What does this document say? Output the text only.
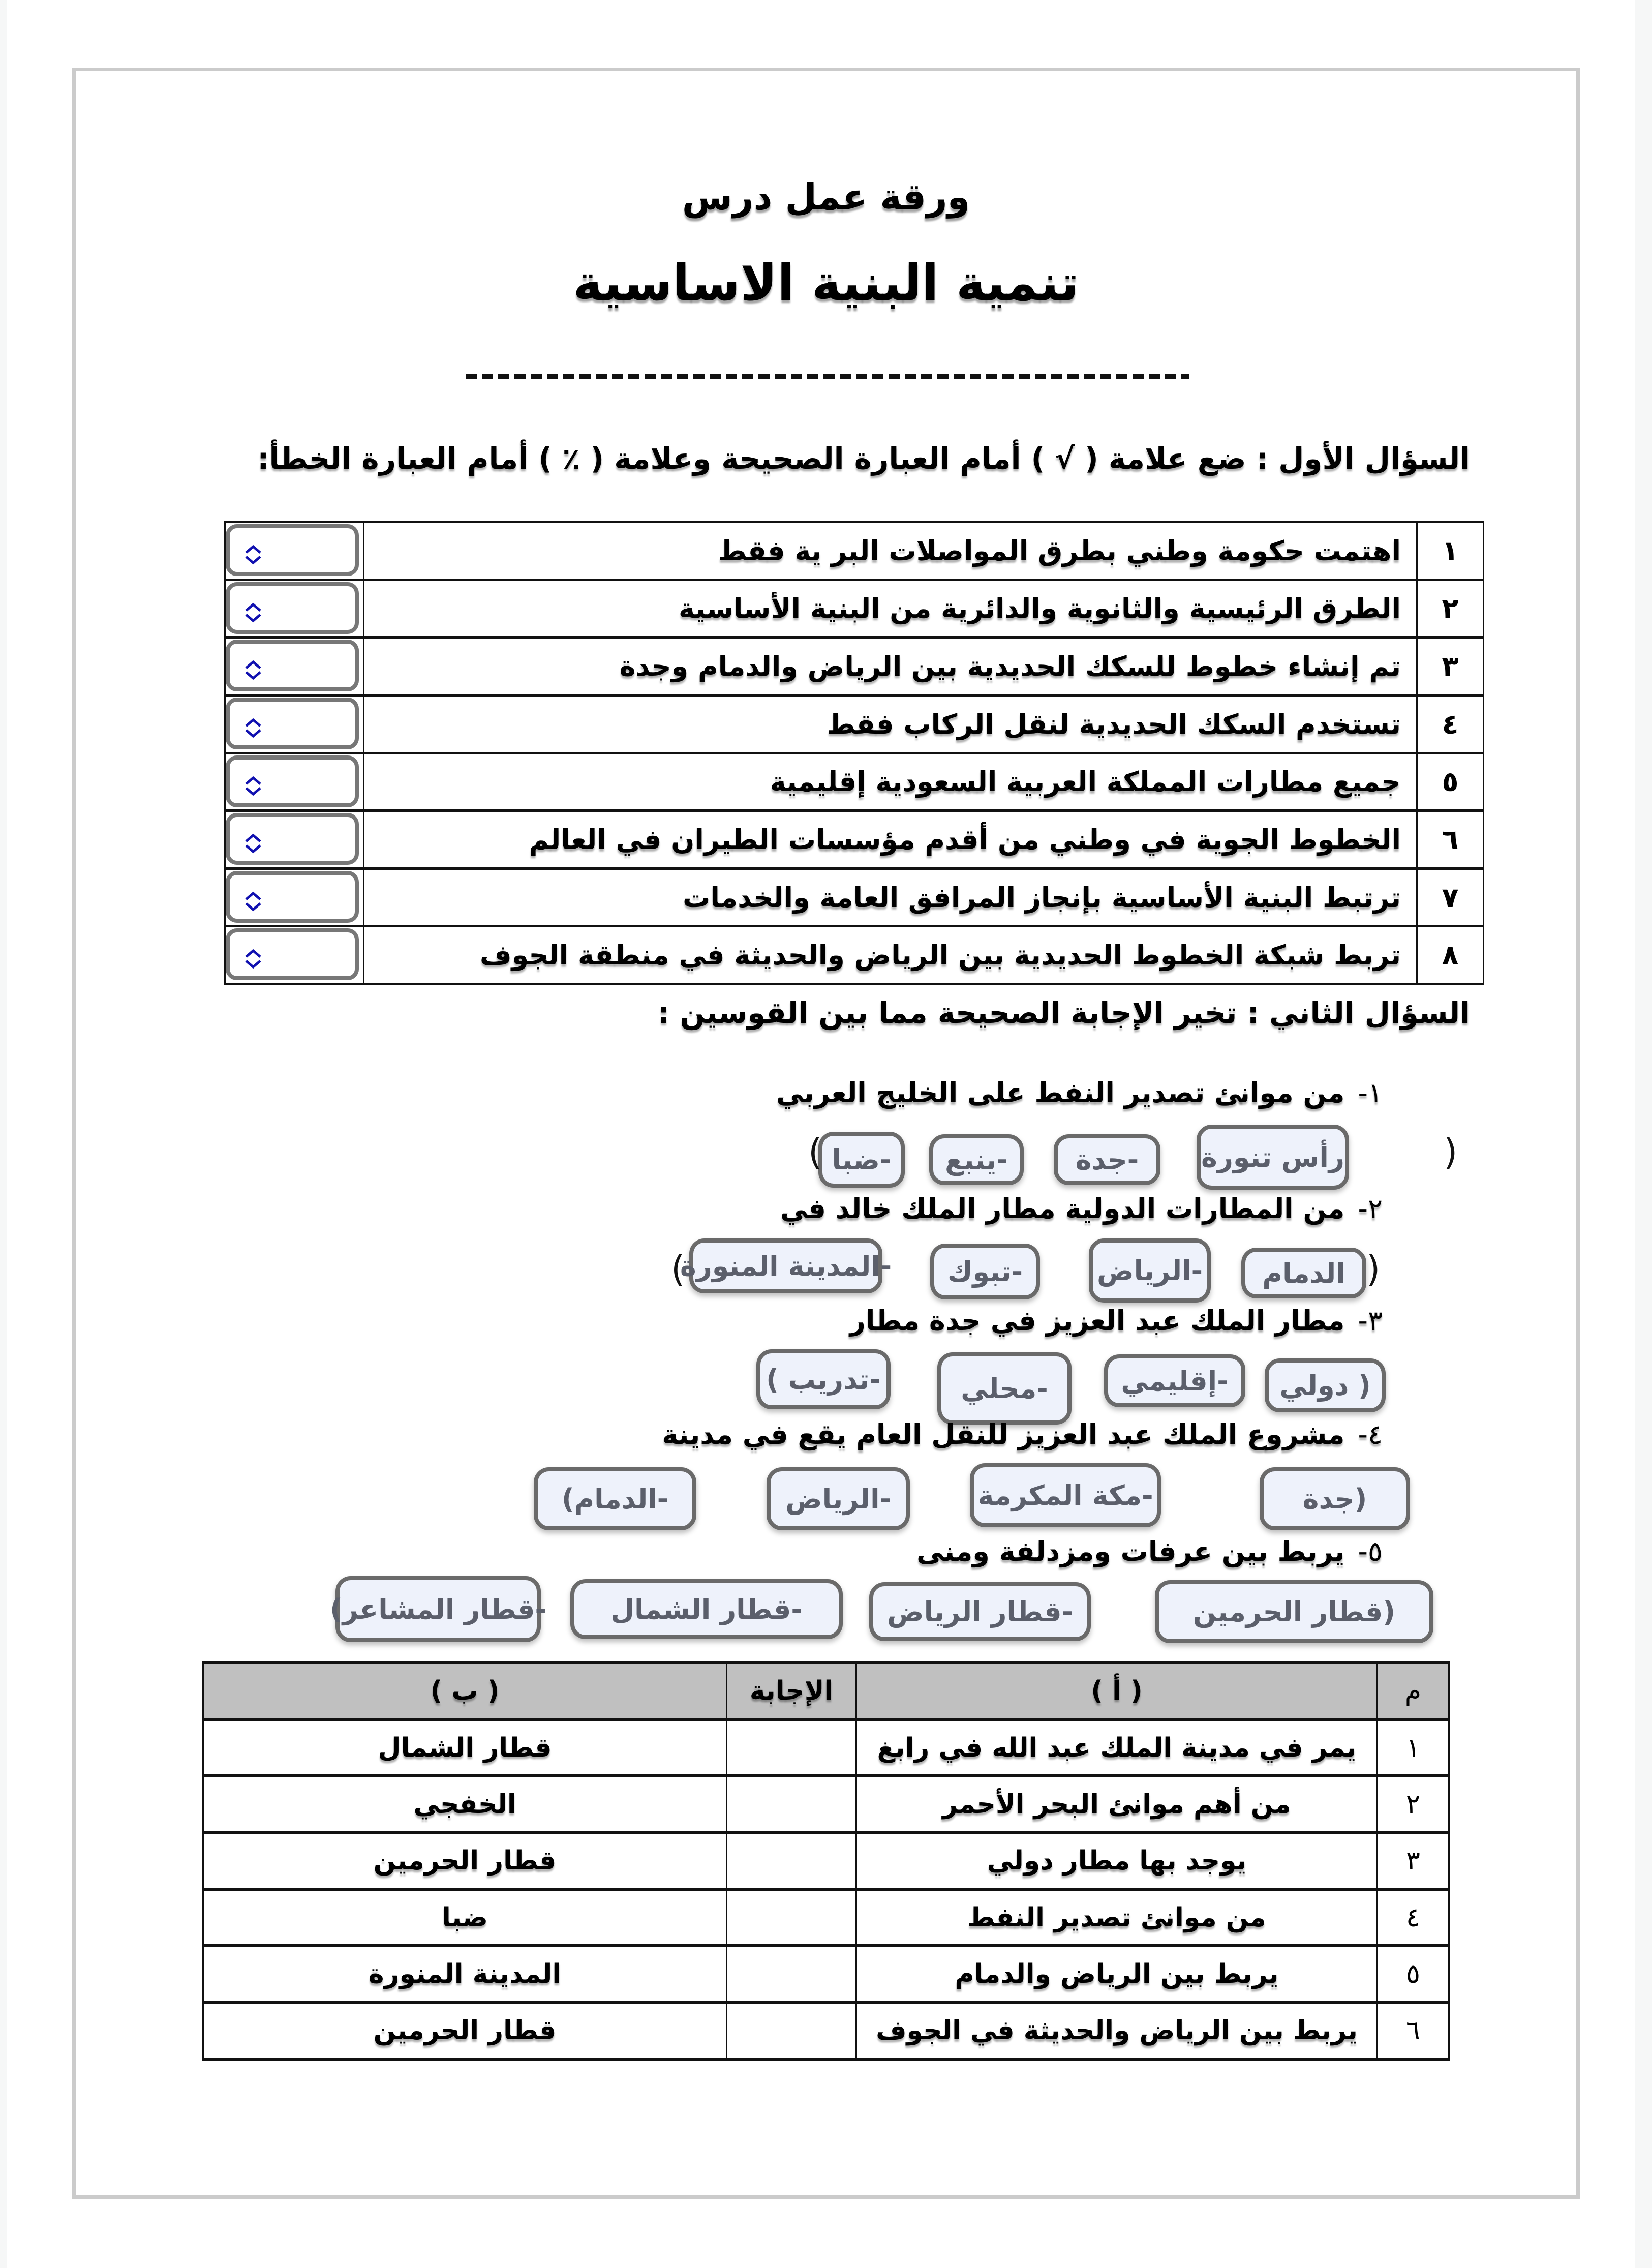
ورقة عمل درس
تنمية البنية الاساسية
السؤال الأول : ضع علامة ( √ ) أمام العبارة الصحيحة وعلامة ( ٪ ) أمام العبارة الخطأ:
١	اهتمت حكومة وطني بطرق المواصلات البر ية فقط	

٢	الطرق الرئيسية والثانوية والدائرية من البنية الأساسية	

٣	تم إنشاء خطوط للسكك الحديدية بين الرياض والدمام وجدة	

٤	تستخدم السكك الحديدية لنقل الركاب فقط	

٥	جميع مطارات المملكة العربية السعودية إقليمية	

٦	الخطوط الجوية في وطني من أقدم مؤسسات الطيران في العالم	

٧	ترتبط البنية الأساسية بإنجاز المرافق العامة والخدمات	

٨	تربط شبكة الخطوط الحديدية بين الرياض والحديثة في منطقة الجوف	
السؤال الثاني : تخير الإجابة الصحيحة مما بين القوسين :
١-من موانئ تصدير النفط على الخليج العربي
)
رأس تنورة
-جدة
-ينبع
-ضبا
(
٢-من المطارات الدولية مطار الملك خالد في
)
الدمام
-الرياض
-تبوك
-المدينة المنورة
(
٣-مطار الملك عبد العزيز في جدة مطار
( دولي
-إقليمي
-محلي
-تدريب )
٤-مشروع الملك عبد العزيز للنقل العام يقع في مدينة
(جدة
-مكة المكرمة
-الرياض
-الدمام)
٥-يربط بين عرفات ومزدلفة ومنى
(قطار الحرمين
-قطار الرياض
-قطار الشمال
-قطار المشاعر)
م	( أ )	الإجابة	( ب )
١	يمر في مدينة الملك عبد الله في رابغ		قطار الشمال
٢	من أهم موانئ البحر الأحمر		الخفجي
٣	يوجد بها مطار دولي		قطار الحرمين
٤	من موانئ تصدير النفط		ضبا
٥	يربط بين الرياض والدمام		المدينة المنورة
٦	يربط بين الرياض والحديثة في الجوف		قطار الحرمين
